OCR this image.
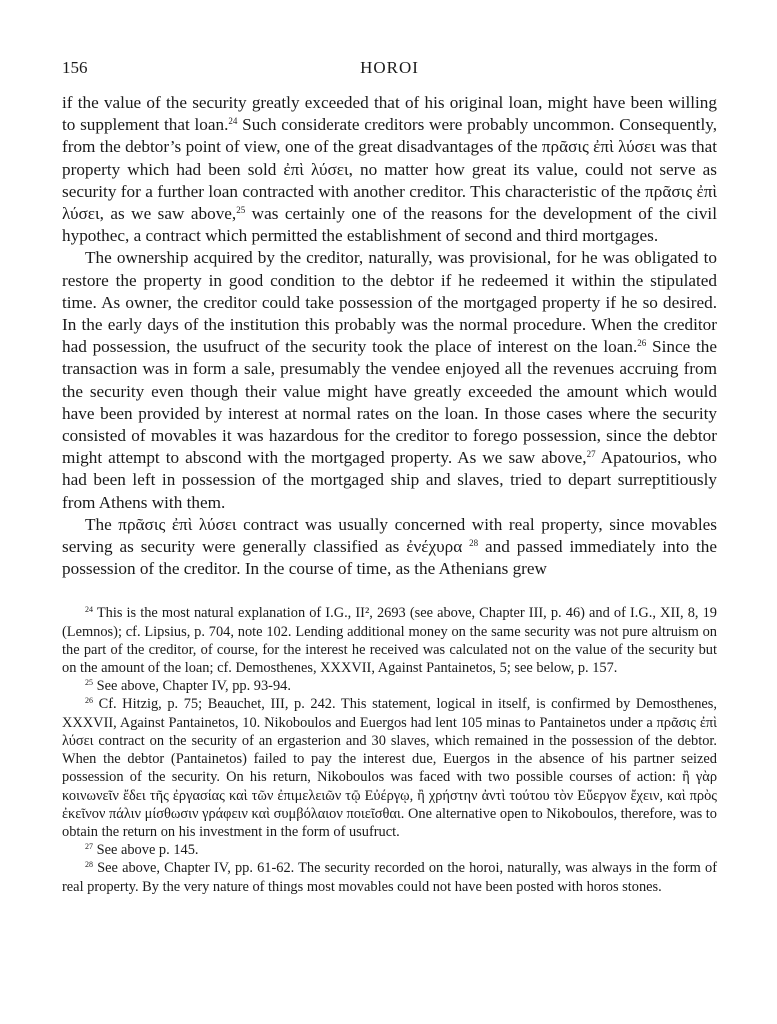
156	HOROI

if the value of the security greatly exceeded that of his original loan, might have been willing to supplement that loan.$^{24}$ Such considerate creditors were probably uncommon. Consequently, from the debtor’s point of view, one of the great disadvantages of the πρᾶσις ἐπὶ λύσει was that property which had been sold ἐπὶ λύσει, no matter how great its value, could not serve as security for a further loan contracted with another creditor. This characteristic of the πρᾶσις ἐπὶ λύσει, as we saw above,$^{25}$ was certainly one of the reasons for the development of the civil hypothec, a contract which permitted the establishment of second and third mortgages.

The ownership acquired by the creditor, naturally, was provisional, for he was obligated to restore the property in good condition to the debtor if he redeemed it within the stipulated time. As owner, the creditor could take possession of the mortgaged property if he so desired. In the early days of the institution this probably was the normal procedure. When the creditor had possession, the usufruct of the security took the place of interest on the loan.$^{26}$ Since the transaction was in form a sale, presumably the vendee enjoyed all the revenues accruing from the security even though their value might have greatly exceeded the amount which would have been provided by interest at normal rates on the loan. In those cases where the security consisted of movables it was hazardous for the creditor to forego possession, since the debtor might attempt to abscond with the mortgaged property. As we saw above,$^{27}$ Apatourios, who had been left in possession of the mortgaged ship and slaves, tried to depart surreptitiously from Athens with them.

The πρᾶσις ἐπὶ λύσει contract was usually concerned with real property, since movables serving as security were generally classified as ἐνέχυρα $^{28}$ and passed immediately into the possession of the creditor. In the course of time, as the Athenians grew

$^{24}$ This is the most natural explanation of I.G., II², 2693 (see above, Chapter III, p. 46) and of I.G., XII, 8, 19 (Lemnos); cf. Lipsius, p. 704, note 102. Lending additional money on the same security was not pure altruism on the part of the creditor, of course, for the interest he received was calculated not on the value of the security but on the amount of the loan; cf. Demosthenes, XXXVII, Against Pantainetos, 5; see below, p. 157.

$^{25}$ See above, Chapter IV, pp. 93-94.

$^{26}$ Cf. Hitzig, p. 75; Beauchet, III, p. 242. This statement, logical in itself, is confirmed by Demosthenes, XXXVII, Against Pantainetos, 10. Nikoboulos and Euergos had lent 105 minas to Pantainetos under a πρᾶσις ἐπὶ λύσει contract on the security of an ergasterion and 30 slaves, which remained in the possession of the debtor. When the debtor (Pantainetos) failed to pay the interest due, Euergos in the absence of his partner seized possession of the security. On his return, Nikoboulos was faced with two possible courses of action: ἢ γὰρ κοινωνεῖν ἔδει τῆς ἐργασίας καὶ τῶν ἐπιμελειῶν τῷ Εὐέργῳ, ἢ χρήστην ἀντὶ τούτου τὸν Εὔεργον ἔχειν, καὶ πρὸς ἐκεῖνον πάλιν μίσθωσιν γράφειν καὶ συμβόλαιον ποιεῖσθαι. One alternative open to Nikoboulos, therefore, was to obtain the return on his investment in the form of usufruct.

$^{27}$ See above p. 145.

$^{28}$ See above, Chapter IV, pp. 61-62. The security recorded on the horoi, naturally, was always in the form of real property. By the very nature of things most movables could not have been posted with horos stones.
